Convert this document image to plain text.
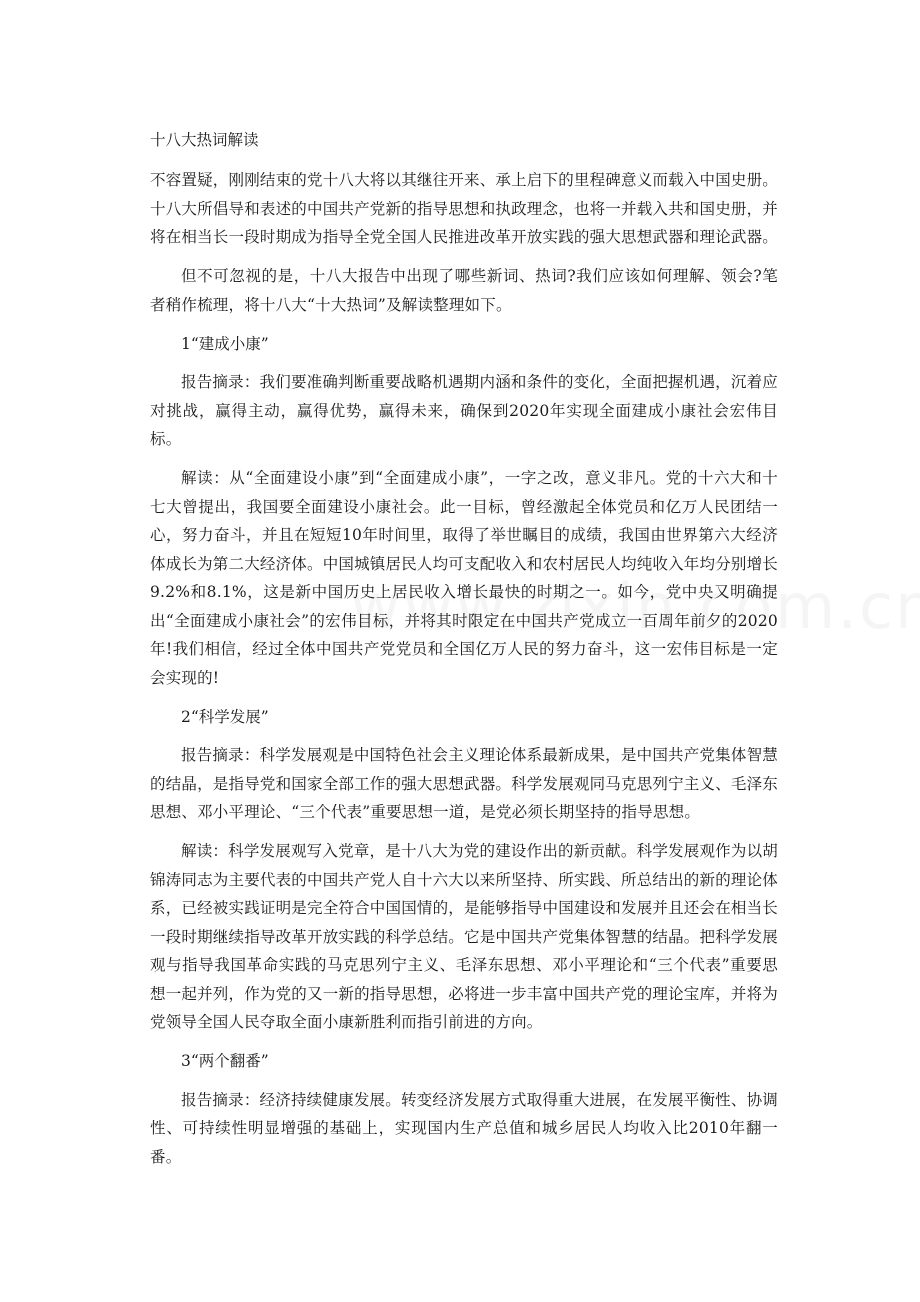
十八大热词解读

不容置疑，刚刚结束的党十八大将以其继往开来、承上启下的里程碑意义而载入中国史册。十八大所倡导和表述的中国共产党新的指导思想和执政理念，也将一并载入共和国史册，并将在相当长一段时期成为指导全党全国人民推进改革开放实践的强大思想武器和理论武器。

但不可忽视的是，十八大报告中出现了哪些新词、热词?我们应该如何理解、领会?笔者稍作梳理，将十八大“十大热词”及解读整理如下。

1“建成小康”

报告摘录：我们要准确判断重要战略机遇期内涵和条件的变化，全面把握机遇，沉着应对挑战，赢得主动，赢得优势，赢得未来，确保到2020年实现全面建成小康社会宏伟目标。

解读：从“全面建设小康”到“全面建成小康”，一字之改，意义非凡。党的十六大和十七大曾提出，我国要全面建设小康社会。此一目标，曾经激起全体党员和亿万人民团结一心，努力奋斗，并且在短短10年时间里，取得了举世瞩目的成绩，我国由世界第六大经济体成长为第二大经济体。中国城镇居民人均可支配收入和农村居民人均纯收入年均分别增长9.2%和8.1%，这是新中国历史上居民收入增长最快的时期之一。如今，党中央又明确提出“全面建成小康社会”的宏伟目标，并将其时限定在中国共产党成立一百周年前夕的2020年!我们相信，经过全体中国共产党党员和全国亿万人民的努力奋斗，这一宏伟目标是一定会实现的!

2“科学发展”

报告摘录：科学发展观是中国特色社会主义理论体系最新成果，是中国共产党集体智慧的结晶，是指导党和国家全部工作的强大思想武器。科学发展观同马克思列宁主义、毛泽东思想、邓小平理论、“三个代表”重要思想一道，是党必须长期坚持的指导思想。

解读：科学发展观写入党章，是十八大为党的建设作出的新贡献。科学发展观作为以胡锦涛同志为主要代表的中国共产党人自十六大以来所坚持、所实践、所总结出的新的理论体系，已经被实践证明是完全符合中国国情的，是能够指导中国建设和发展并且还会在相当长一段时期继续指导改革开放实践的科学总结。它是中国共产党集体智慧的结晶。把科学发展观与指导我国革命实践的马克思列宁主义、毛泽东思想、邓小平理论和“三个代表”重要思想一起并列，作为党的又一新的指导思想，必将进一步丰富中国共产党的理论宝库，并将为党领导全国人民夺取全面小康新胜利而指引前进的方向。

3“两个翻番”

报告摘录：经济持续健康发展。转变经济发展方式取得重大进展，在发展平衡性、协调性、可持续性明显增强的基础上，实现国内生产总值和城乡居民人均收入比2010年翻一番。
